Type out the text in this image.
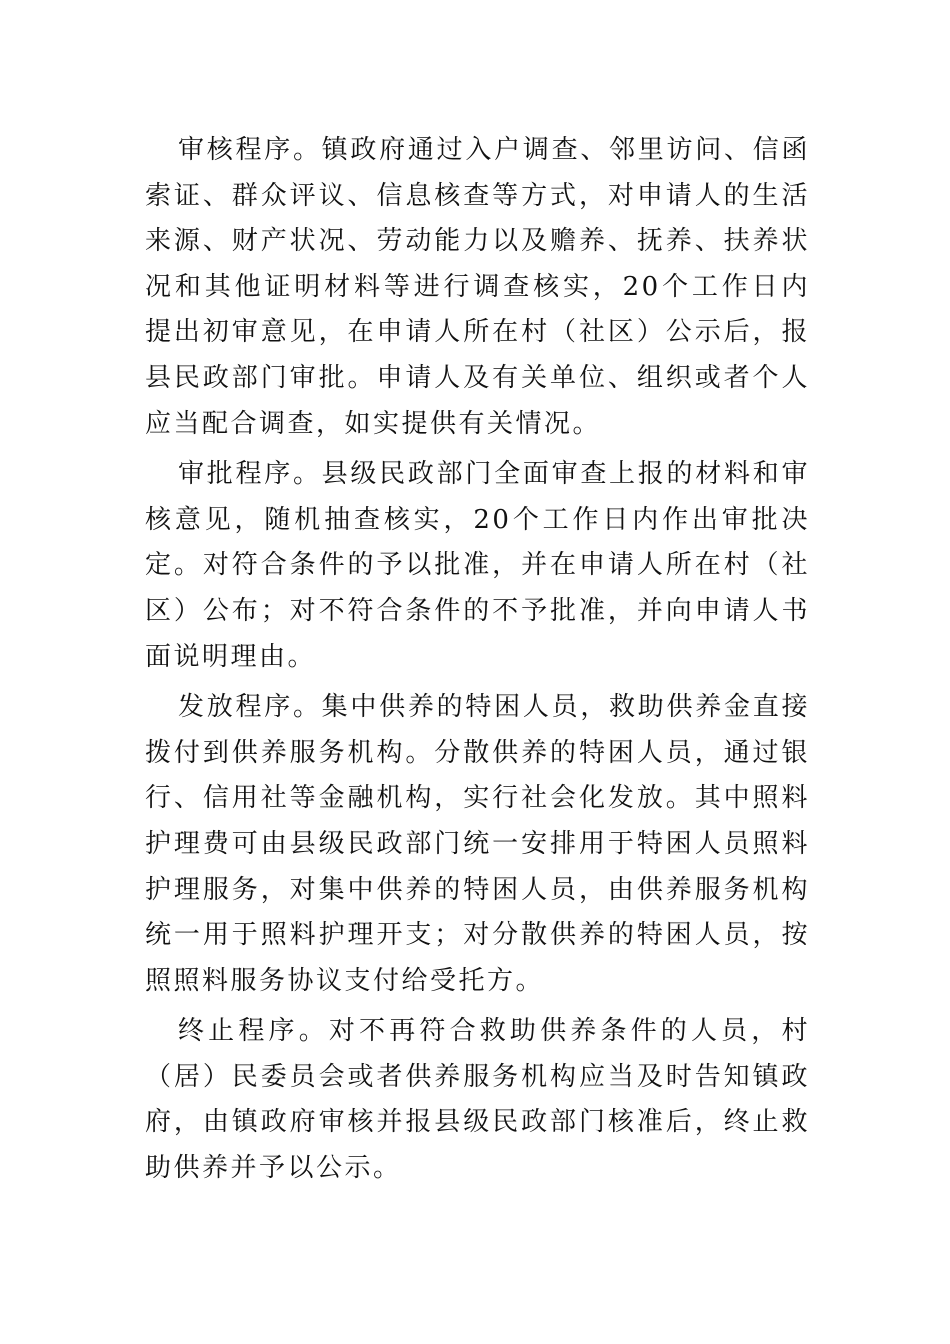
审核程序。镇政府通过入户调查、邻里访问、信函索证、群众评议、信息核查等方式，对申请人的生活来源、财产状况、劳动能力以及赡养、抚养、扶养状况和其他证明材料等进行调查核实，20个工作日内提出初审意见，在申请人所在村（社区）公示后，报县民政部门审批。申请人及有关单位、组织或者个人应当配合调查，如实提供有关情况。

审批程序。县级民政部门全面审查上报的材料和审核意见，随机抽查核实，20个工作日内作出审批决定。对符合条件的予以批准，并在申请人所在村（社区）公布；对不符合条件的不予批准，并向申请人书面说明理由。

发放程序。集中供养的特困人员，救助供养金直接拨付到供养服务机构。分散供养的特困人员，通过银行、信用社等金融机构，实行社会化发放。其中照料护理费可由县级民政部门统一安排用于特困人员照料护理服务，对集中供养的特困人员，由供养服务机构统一用于照料护理开支；对分散供养的特困人员，按照照料服务协议支付给受托方。

终止程序。对不再符合救助供养条件的人员，村（居）民委员会或者供养服务机构应当及时告知镇政府，由镇政府审核并报县级民政部门核准后，终止救助供养并予以公示。
